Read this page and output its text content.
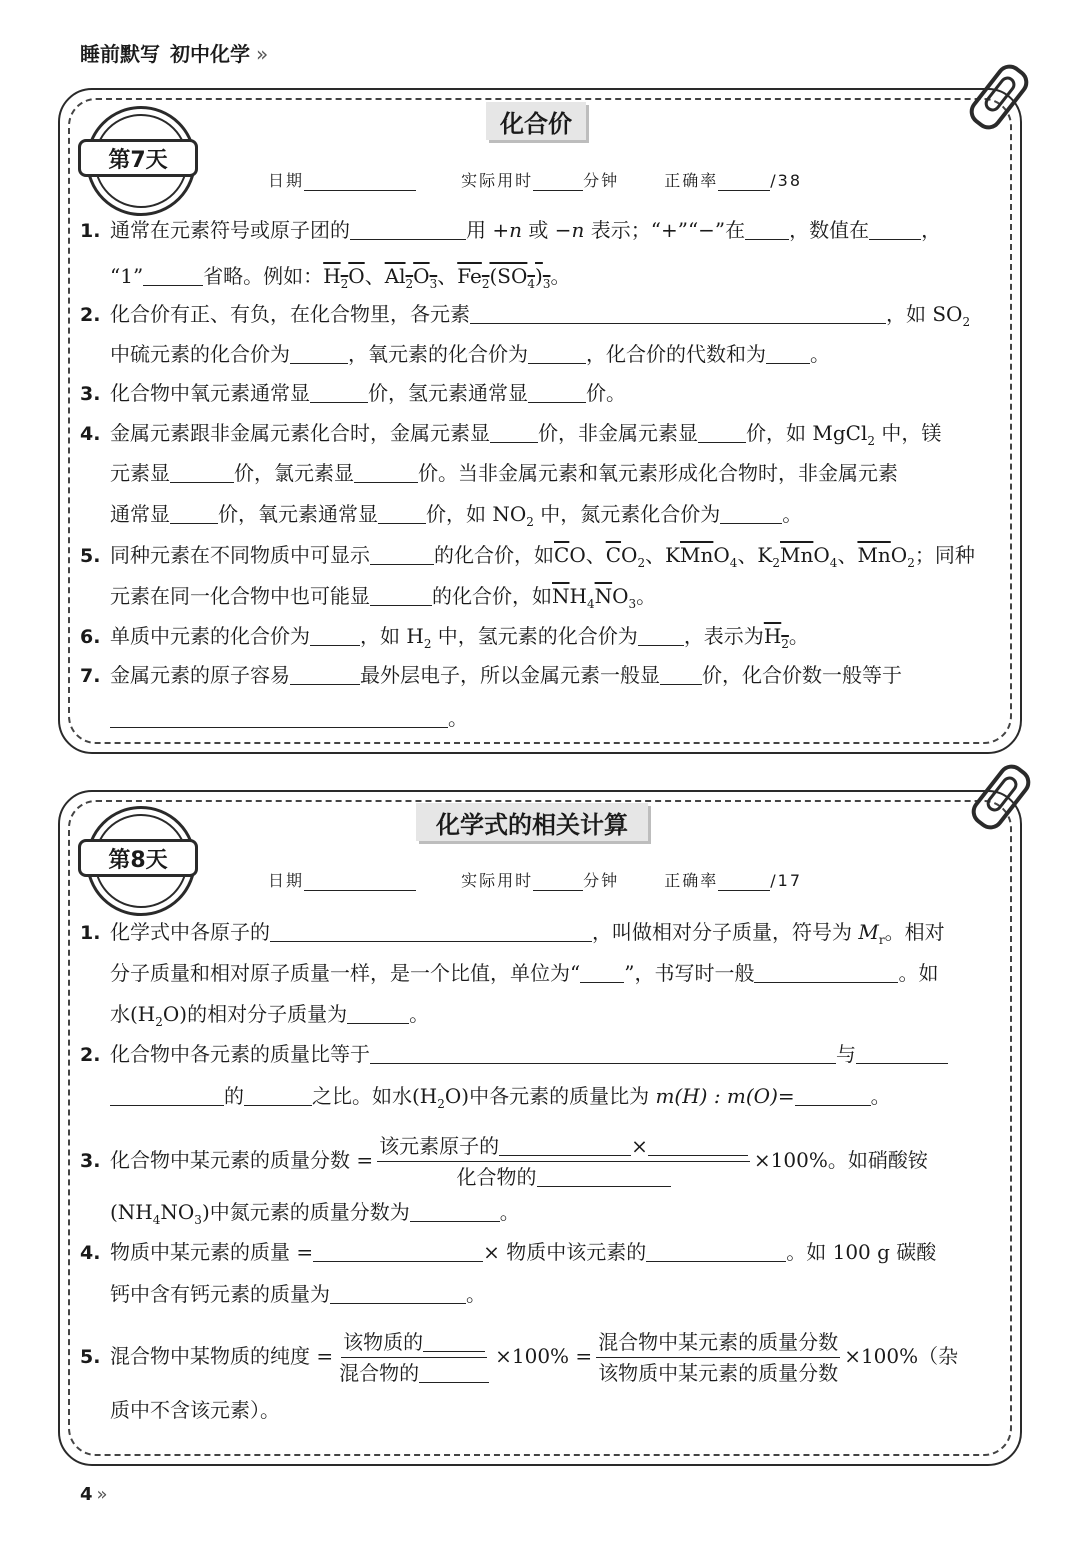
睡前默写 初中化学 »
第7天
化合价
日期	实际用时	分钟	正确率	/38
1. 通常在元素符号或原子团的	用 +n 或 −n 表示；“+”“−”在 ，数值在	，
“1”	省略。例如：$H_2O$、$Al_2O_3$、$Fe_2(SO_4)_3$。
2. 化合价有正、有负，在化合物里，各元素	，如 $SO_2$
中硫元素的化合价为	，氧元素的化合价为	，化合价的代数和为 。
3. 化合物中氧元素通常显	价，氢元素通常显	价。
4. 金属元素跟非金属元素化合时，金属元素显 价，非金属元素显 价，如 MgCl$_2$ 中，镁
元素显	价，氯元素显	价。当非金属元素和氧元素形成化合物时，非金属元素
通常显 价，氧元素通常显 价，如 $NO_2$ 中，氮元素化合价为	。
5. 同种元素在不同物质中可显示	的化合价，如$\overline{C}O$、$\overline{C}O_2$、$K\overline{Mn}O_4$、$K_2\overline{Mn}O_4$、$\overline{Mn}O_2$；同种
元素在同一化合物中也可能显	的化合价，如$\overline{N}H_4\overline{N}O_3$。
6. 单质中元素的化合价为	，如 $H_2$ 中，氢元素的化合价为 ，表示为$H_2$。
7. 金属元素的原子容易	最外层电子，所以金属元素一般显 价，化合价数一般等于
。
第8天
化学式的相关计算
日期	实际用时	分钟	正确率	/17
1. 化学式中各原子的	，叫做相对分子质量，符号为 $M_r$。相对
分子质量和相对原子质量一样，是一个比值，单位为“ ”，书写时一般	。如
水$(H_2O)$的相对分子质量为	。
2. 化合物中各元素的质量比等于	与
的	之比。如水$(H_2O)$中各元素的质量比为 m(H) : m(O)=	。
3. 化合物中某元素的质量分数 = 该元素原子的	×
化合物的 ×100%。如硝酸铵
$(NH_4NO_3)$中氮元素的质量分数为	。
4. 物质中某元素的质量 =	× 物质中该元素的	。如 100 g 碳酸
钙中含有钙元素的质量为	。
5. 混合物中某物质的纯度 = $\frac{\text{该物质的}}{\text{混合物的}} \times 100\% = \frac{\text{混合物中某元素的质量分数}}{\text{该物质中某元素的质量分数}} \times 100\%$（杂
质中不含该元素）。
4 »
